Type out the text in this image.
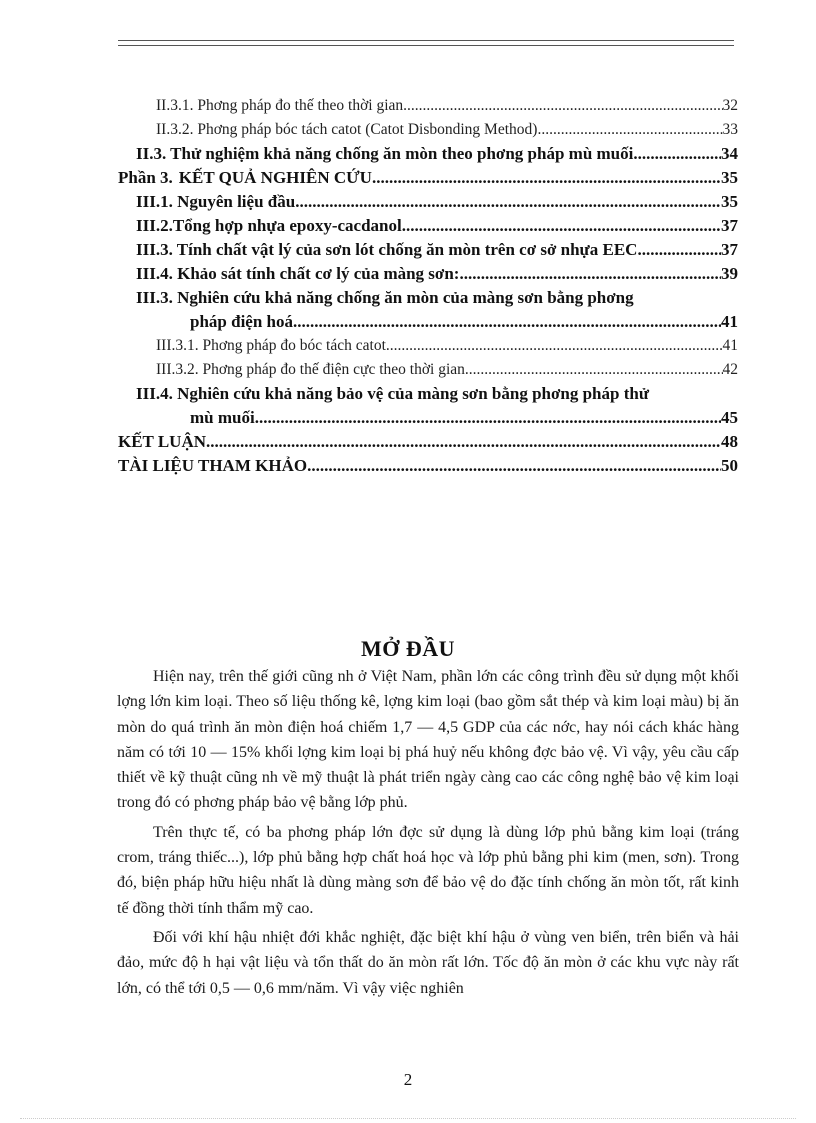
II.3.1. Phơng pháp đo thế theo thời gian .....	32
II.3.2. Phơng pháp bóc tách catot (Catot Disbonding Method) .....	33
II.3. Thử nghiệm khả năng chống ăn mòn theo phơng pháp mù muối .....	34
Phần 3. KẾT QUẢ NGHIÊN CỨU .....	35
III.1. Nguyên liệu đầu .....	35
III.2.Tổng hợp nhựa epoxy-cacdanol .....	37
III.3. Tính chất vật lý của sơn lót chống ăn mòn trên cơ sở nhựa EEC .....	37
III.4. Khảo sát tính chất cơ lý của màng sơn: .....	39
III.3. Nghiên cứu khả năng chống ăn mòn của màng sơn bằng phơng
pháp điện hoá .....	41
III.3.1. Phơng pháp đo bóc tách catot .....	41
III.3.2. Phơng pháp đo thế điện cực theo thời gian .....	42
III.4. Nghiên cứu khả năng bảo vệ của màng sơn bằng phơng pháp thử
mù muối .....	45
KẾT LUẬN .....	48
TÀI LIỆU THAM KHẢO .....	50
MỞ ĐẦU

Hiện nay, trên thế giới cũng nh ở Việt Nam, phần lớn các công trình đều sử dụng một khối lợng lớn kim loại. Theo số liệu thống kê, lợng kim loại (bao gồm sắt thép và kim loại màu) bị ăn mòn do quá trình ăn mòn điện hoá chiếm 1,7 — 4,5 GDP của các nớc, hay nói cách khác hàng năm có tới 10 — 15% khối lợng kim loại bị phá huỷ nếu không đợc bảo vệ. Vì vậy, yêu cầu cấp thiết về kỹ thuật cũng nh về mỹ thuật là phát triển ngày càng cao các công nghệ bảo vệ kim loại trong đó có phơng pháp bảo vệ bằng lớp phủ.

Trên thực tế, có ba phơng pháp lớn đợc sử dụng là dùng lớp phủ bằng kim loại (tráng crom, tráng thiếc...), lớp phủ bằng hợp chất hoá học và lớp phủ bằng phi kim (men, sơn). Trong đó, biện pháp hữu hiệu nhất là dùng màng sơn để bảo vệ do đặc tính chống ăn mòn tốt, rất kinh tế đồng thời tính thẩm mỹ cao.

Đối với khí hậu nhiệt đới khắc nghiệt, đặc biệt khí hậu ở vùng ven biển, trên biển và hải đảo, mức độ h hại vật liệu và tổn thất do ăn mòn rất lớn. Tốc độ ăn mòn ở các khu vực này rất lớn, có thể tới 0,5 — 0,6 mm/năm. Vì vậy việc nghiên

2
